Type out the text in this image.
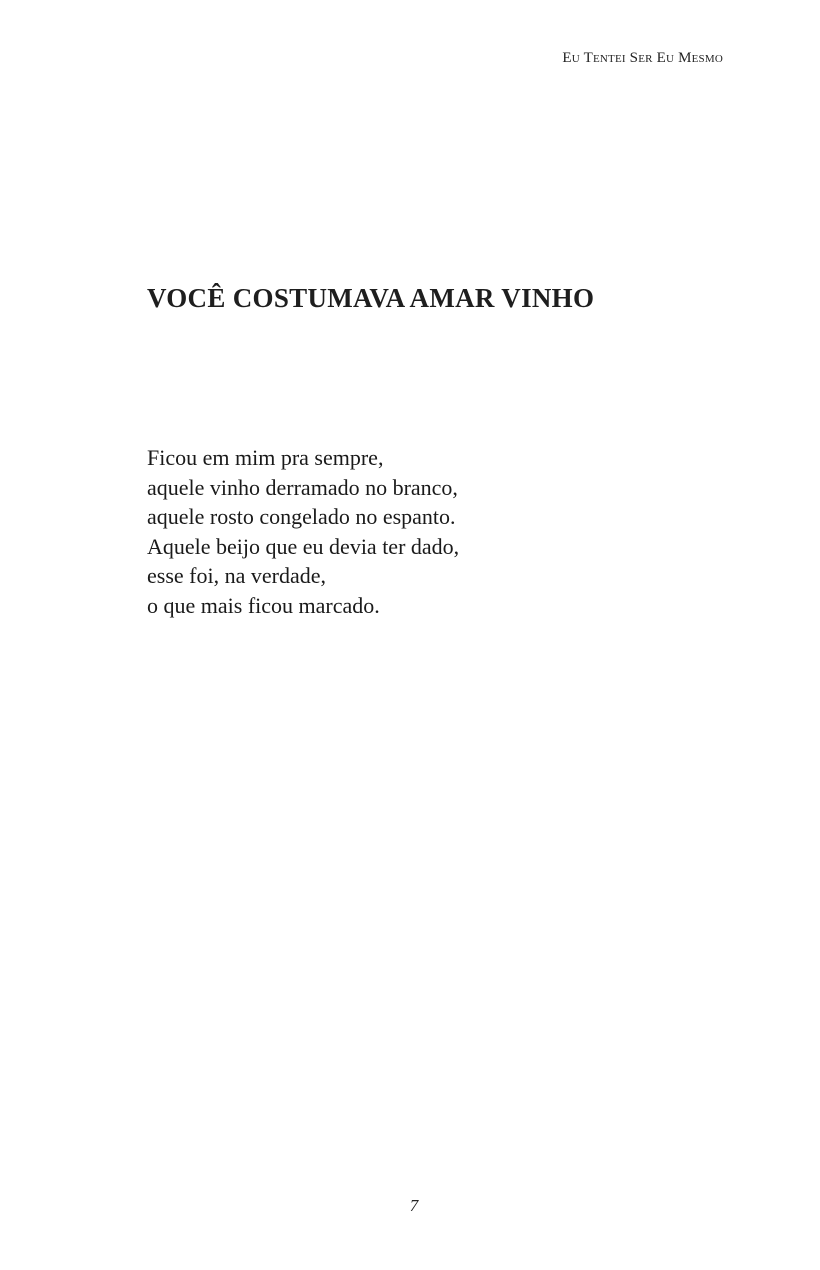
Eu Tentei Ser Eu Mesmo
VOCÊ COSTUMAVA AMAR VINHO
Ficou em mim pra sempre,
aquele vinho derramado no branco,
aquele rosto congelado no espanto.
Aquele beijo que eu devia ter dado,
esse foi, na verdade,
o que mais ficou marcado.
7
